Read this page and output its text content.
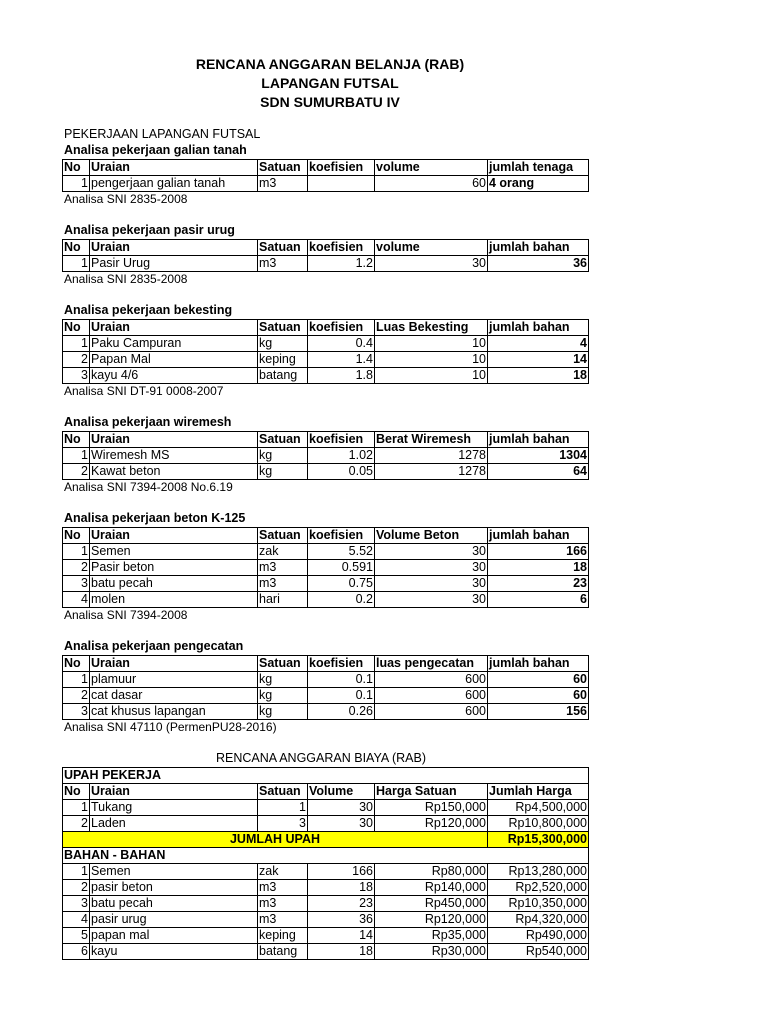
RENCANA ANGGARAN BELANJA (RAB)
LAPANGAN FUTSAL
SDN SUMURBATU IV
PEKERJAAN LAPANGAN FUTSAL
Analisa pekerjaan galian tanah
No	Uraian	Satuan	koefisien	volume	jumlah tenaga
1	pengerjaan galian tanah	m3		60	4 orang
Analisa SNI 2835-2008
Analisa pekerjaan pasir urug
No	Uraian	Satuan	koefisien	volume	jumlah bahan
1	Pasir Urug	m3	1.2	30	36
Analisa SNI 2835-2008
Analisa pekerjaan bekesting
No	Uraian	Satuan	koefisien	Luas Bekesting	jumlah bahan
1	Paku Campuran	kg	0.4	10	4
2	Papan Mal	keping	1.4	10	14
3	kayu 4/6	batang	1.8	10	18
Analisa SNI DT-91 0008-2007
Analisa pekerjaan wiremesh
No	Uraian	Satuan	koefisien	Berat Wiremesh	jumlah bahan
1	Wiremesh MS	kg	1.02	1278	1304
2	Kawat beton	kg	0.05	1278	64
Analisa SNI 7394-2008 No.6.19
Analisa pekerjaan beton K-125
No	Uraian	Satuan	koefisien	Volume Beton	jumlah bahan
1	Semen	zak	5.52	30	166
2	Pasir beton	m3	0.591	30	18
3	batu pecah	m3	0.75	30	23
4	molen	hari	0.2	30	6
Analisa SNI 7394-2008
Analisa pekerjaan pengecatan
No	Uraian	Satuan	koefisien	luas pengecatan	jumlah bahan
1	plamuur	kg	0.1	600	60
2	cat dasar	kg	0.1	600	60
3	cat khusus lapangan	kg	0.26	600	156
Analisa SNI 47110 (PermenPU28-2016)
RENCANA ANGGARAN BIAYA (RAB)
UPAH PEKERJA					
No	Uraian	Satuan	Volume	Harga Satuan	Jumlah Harga
1	Tukang	1	30	Rp150,000	Rp4,500,000
2	Laden	3	30	Rp120,000	Rp10,800,000
JUMLAH UPAH					Rp15,300,000
BAHAN - BAHAN					
1	Semen	zak	166	Rp80,000	Rp13,280,000
2	pasir beton	m3	18	Rp140,000	Rp2,520,000
3	batu pecah	m3	23	Rp450,000	Rp10,350,000
4	pasir urug	m3	36	Rp120,000	Rp4,320,000
5	papan mal	keping	14	Rp35,000	Rp490,000
6	kayu	batang	18	Rp30,000	Rp540,000
